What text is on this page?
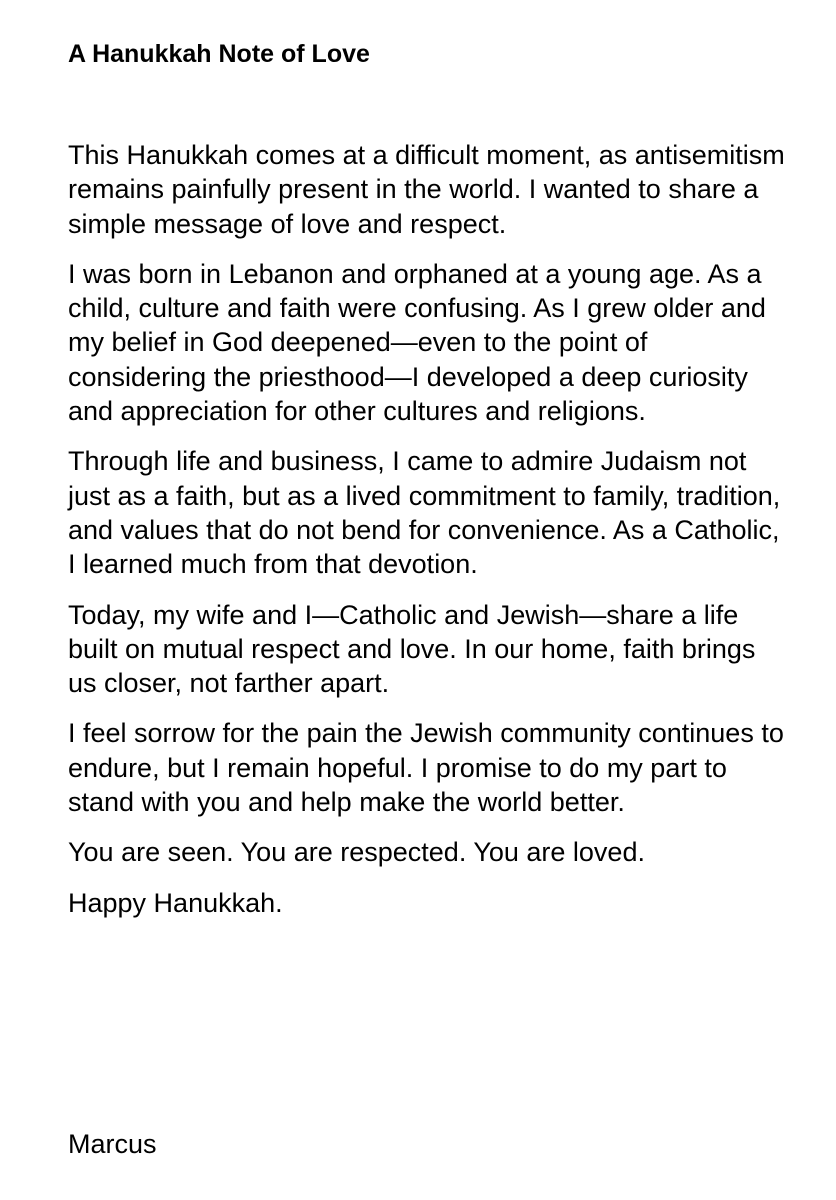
A Hanukkah Note of Love

This Hanukkah comes at a difficult moment, as antisemitism remains painfully present in the world. I wanted to share a simple message of love and respect.

I was born in Lebanon and orphaned at a young age. As a child, culture and faith were confusing. As I grew older and my belief in God deepened—even to the point of considering the priesthood—I developed a deep curiosity and appreciation for other cultures and religions.

Through life and business, I came to admire Judaism not just as a faith, but as a lived commitment to family, tradition, and values that do not bend for convenience. As a Catholic, I learned much from that devotion.

Today, my wife and I—Catholic and Jewish—share a life built on mutual respect and love. In our home, faith brings us closer, not farther apart.

I feel sorrow for the pain the Jewish community continues to endure, but I remain hopeful. I promise to do my part to stand with you and help make the world better.

You are seen. You are respected. You are loved.

Happy Hanukkah.

Marcus
